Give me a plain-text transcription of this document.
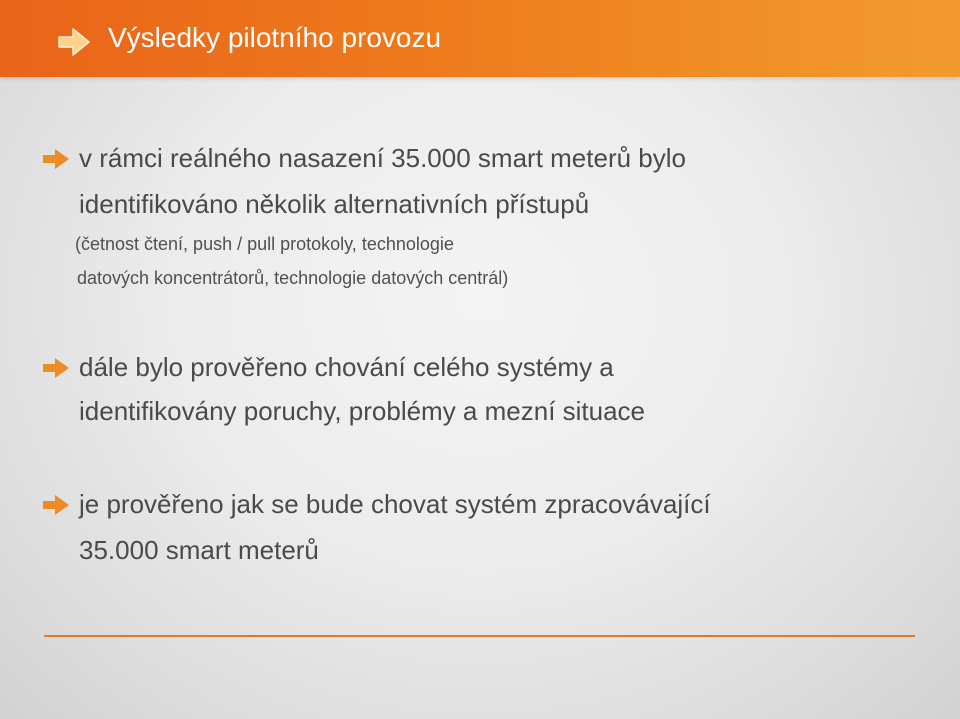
Výsledky pilotního provozu
v rámci reálného nasazení 35.000 smart meterů bylo
identifikováno několik alternativních přístupů
(četnost čtení, push / pull protokoly, technologie
datových koncentrátorů, technologie datových centrál)
dále bylo prověřeno chování celého systémy a
identifikovány poruchy, problémy a mezní situace
je prověřeno jak se bude chovat systém zpracovávající
35.000 smart meterů
